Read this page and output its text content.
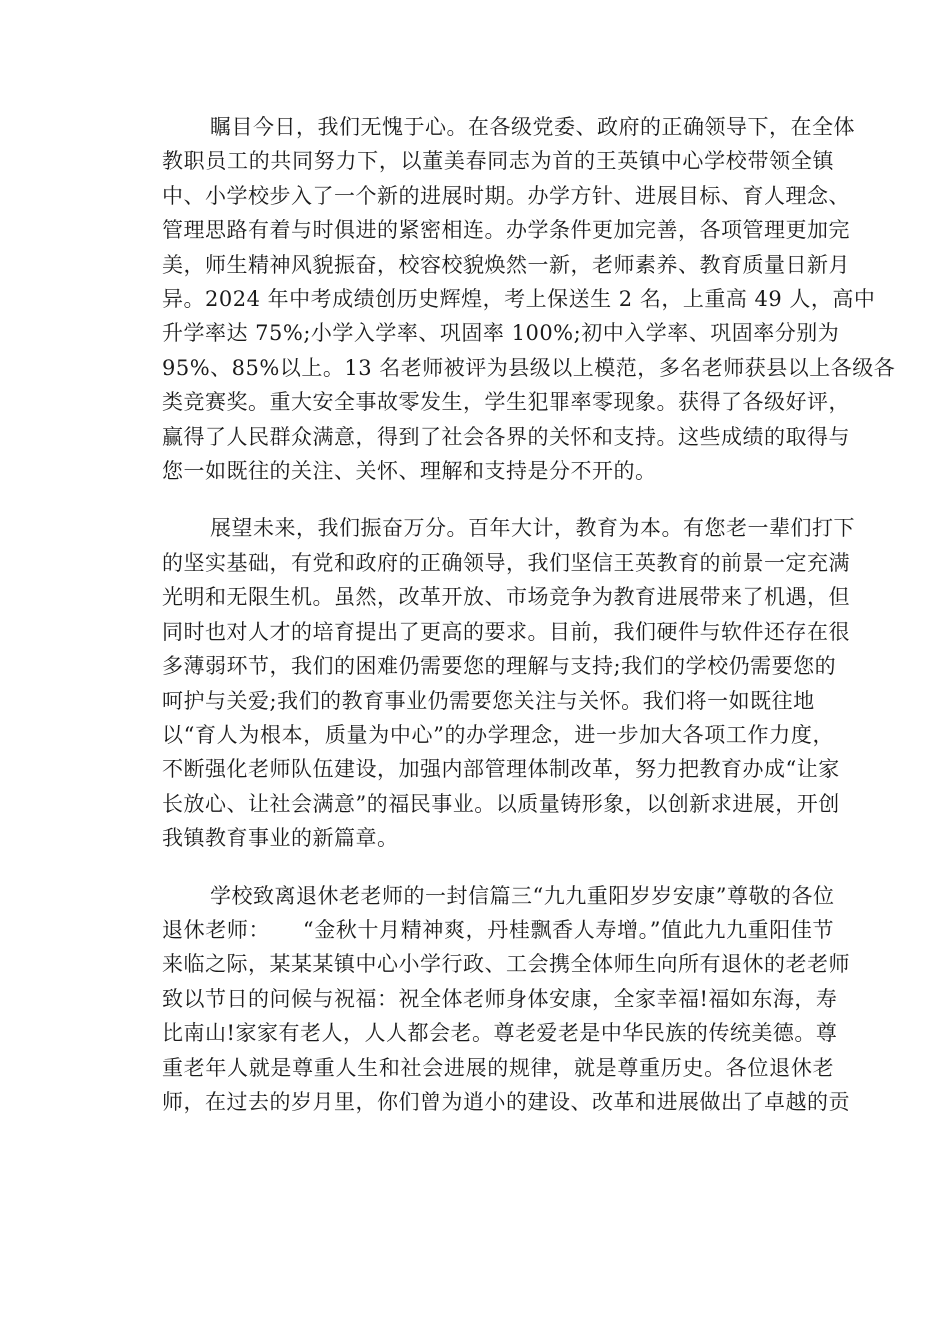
瞩目今日，我们无愧于心。在各级党委、政府的正确领导下，在全体
教职员工的共同努力下，以董美春同志为首的王英镇中心学校带领全镇
中、小学校步入了一个新的进展时期。办学方针、进展目标、育人理念、
管理思路有着与时俱进的紧密相连。办学条件更加完善，各项管理更加完
美，师生精神风貌振奋，校容校貌焕然一新，老师素养、教育质量日新月
异。2024 年中考成绩创历史辉煌，考上保送生 2 名，上重高 49 人，高中
升学率达 75%;小学入学率、巩固率 100%;初中入学率、巩固率分别为
95%、85%以上。13 名老师被评为县级以上模范，多名老师获县以上各级各
类竞赛奖。重大安全事故零发生，学生犯罪率零现象。获得了各级好评，
赢得了人民群众满意，得到了社会各界的关怀和支持。这些成绩的取得与
您一如既往的关注、关怀、理解和支持是分不开的。
展望未来，我们振奋万分。百年大计，教育为本。有您老一辈们打下
的坚实基础，有党和政府的正确领导，我们坚信王英教育的前景一定充满
光明和无限生机。虽然，改革开放、市场竞争为教育进展带来了机遇，但
同时也对人才的培育提出了更高的要求。目前，我们硬件与软件还存在很
多薄弱环节，我们的困难仍需要您的理解与支持;我们的学校仍需要您的
呵护与关爱;我们的教育事业仍需要您关注与关怀。我们将一如既往地
以“育人为根本，质量为中心”的办学理念，进一步加大各项工作力度，
不断强化老师队伍建设，加强内部管理体制改革，努力把教育办成“让家
长放心、让社会满意”的福民事业。以质量铸形象，以创新求进展，开创
我镇教育事业的新篇章。
学校致离退休老老师的一封信篇三“九九重阳岁岁安康”尊敬的各位
退休老师：　　“金秋十月精神爽，丹桂飘香人寿增。”值此九九重阳佳节
来临之际，某某某镇中心小学行政、工会携全体师生向所有退休的老老师
致以节日的问候与祝福：祝全体老师身体安康，全家幸福!福如东海，寿
比南山!家家有老人，人人都会老。尊老爱老是中华民族的传统美德。尊
重老年人就是尊重人生和社会进展的规律，就是尊重历史。各位退休老
师，在过去的岁月里，你们曾为逍小的建设、改革和进展做出了卓越的贡
